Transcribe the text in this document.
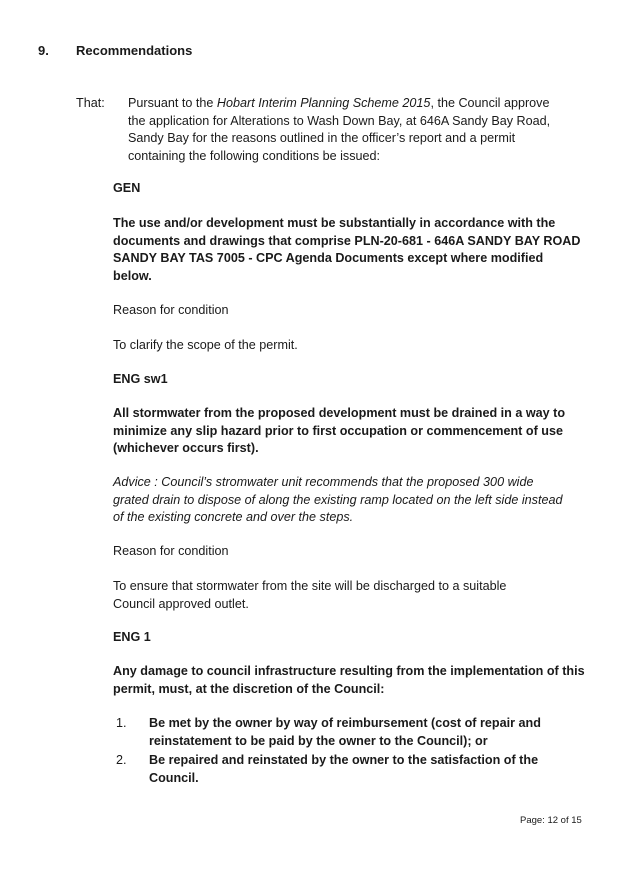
9. Recommendations
That: Pursuant to the Hobart Interim Planning Scheme 2015, the Council approve the application for Alterations to Wash Down Bay, at 646A Sandy Bay Road, Sandy Bay for the reasons outlined in the officer’s report and a permit containing the following conditions be issued:

GEN

The use and/or development must be substantially in accordance with the documents and drawings that comprise PLN-20-681 - 646A SANDY BAY ROAD SANDY BAY TAS 7005 - CPC Agenda Documents except where modified below.

Reason for condition
To clarify the scope of the permit.
ENG sw1

All stormwater from the proposed development must be drained in a way to minimize any slip hazard prior to first occupation or commencement of use (whichever occurs first).

Advice : Council’s stromwater unit recommends that the proposed 300 wide grated drain to dispose of along the existing ramp located on the left side instead of the existing concrete and over the steps.

Reason for condition

To ensure that stormwater from the site will be discharged to a suitable Council approved outlet.

ENG 1

Any damage to council infrastructure resulting from the implementation of this permit, must, at the discretion of the Council:

1. Be met by the owner by way of reimbursement (cost of repair and reinstatement to be paid by the owner to the Council); or

2. Be repaired and reinstated by the owner to the satisfaction of the Council.

Page: 12 of 15
